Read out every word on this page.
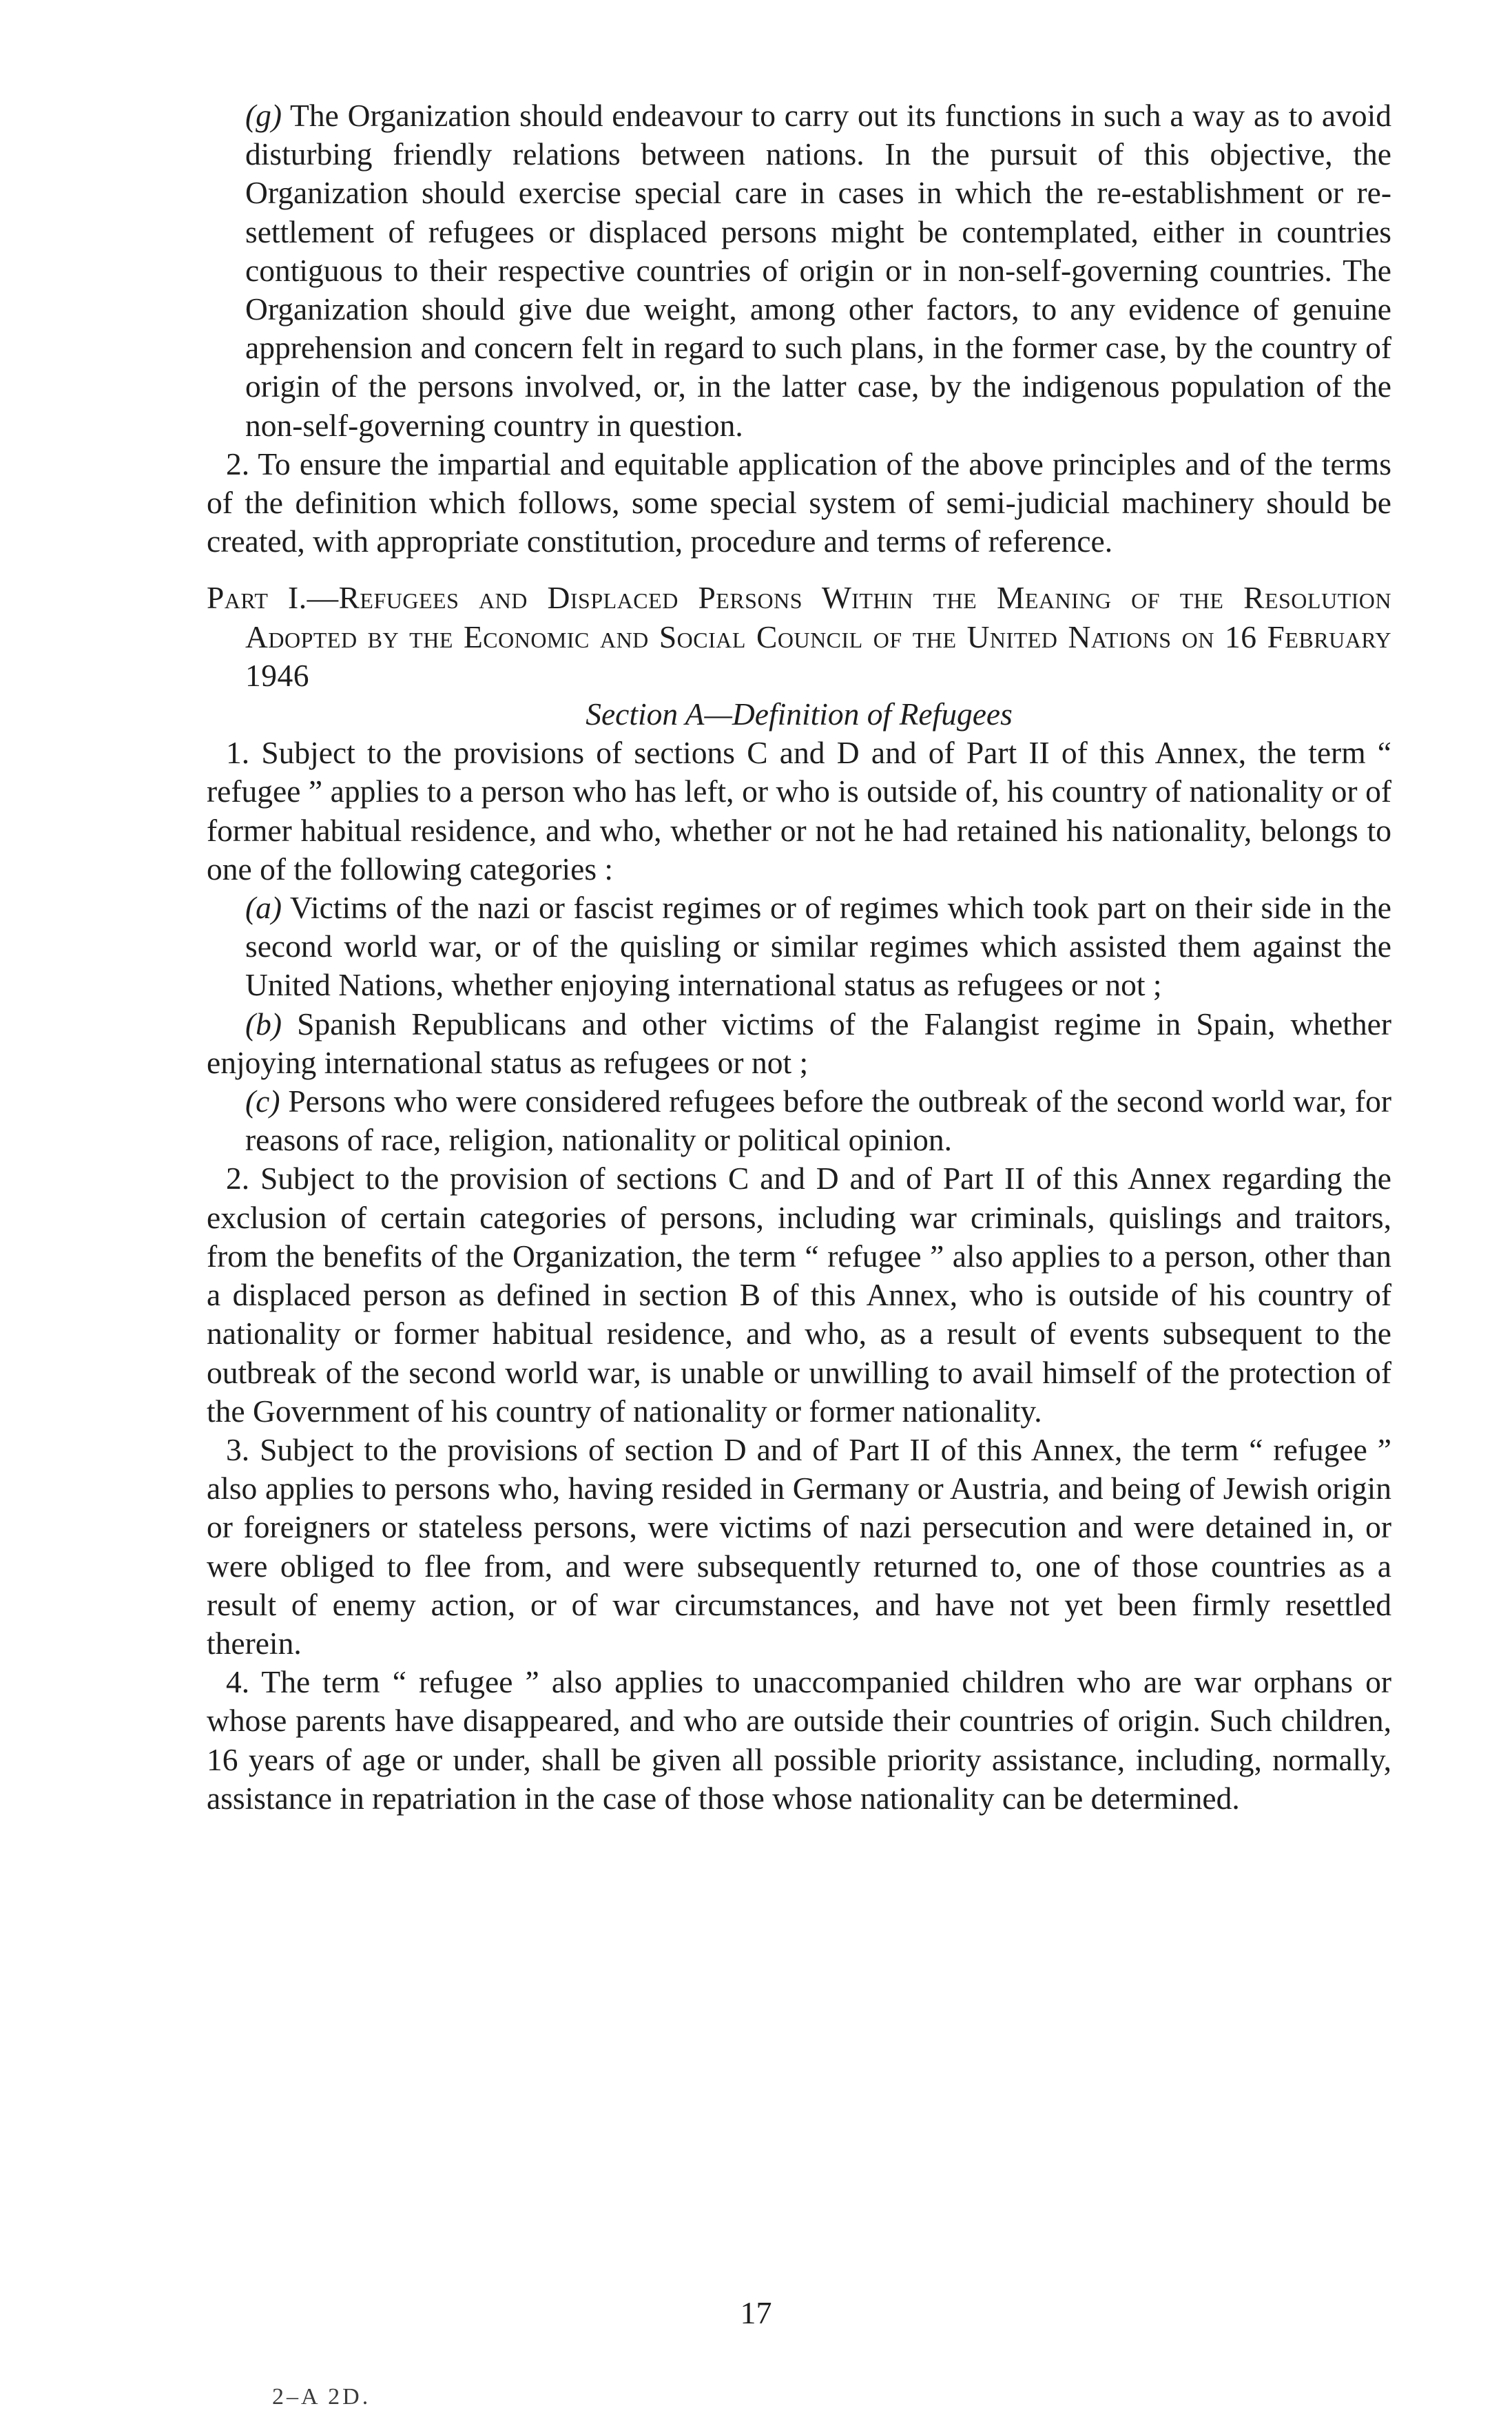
(g) The Organization should endeavour to carry out its functions in such a way as to avoid disturbing friendly relations between nations. In the pursuit of this objective, the Organization should exercise special care in cases in which the re-establishment or re-settlement of refugees or displaced persons might be contemplated, either in countries contiguous to their respective countries of origin or in non-self-governing countries. The Organization should give due weight, among other factors, to any evidence of genuine apprehension and concern felt in regard to such plans, in the former case, by the country of origin of the persons involved, or, in the latter case, by the indigenous population of the non-self-governing country in question.

2. To ensure the impartial and equitable application of the above principles and of the terms of the definition which follows, some special system of semi-judicial machinery should be created, with appropriate constitution, procedure and terms of reference.

Part I.—Refugees and Displaced Persons Within the Meaning of the Resolution Adopted by the Economic and Social Council of the United Nations on 16 February 1946

Section A—Definition of Refugees

1. Subject to the provisions of sections C and D and of Part II of this Annex, the term “ refugee ” applies to a person who has left, or who is outside of, his country of nationality or of former habitual residence, and who, whether or not he had retained his nationality, belongs to one of the following categories :

(a) Victims of the nazi or fascist regimes or of regimes which took part on their side in the second world war, or of the quisling or similar regimes which assisted them against the United Nations, whether enjoying international status as refugees or not ;

(b) Spanish Republicans and other victims of the Falangist regime in Spain, whether enjoying international status as refugees or not ;

(c) Persons who were considered refugees before the outbreak of the second world war, for reasons of race, religion, nationality or political opinion.

2. Subject to the provision of sections C and D and of Part II of this Annex regarding the exclusion of certain categories of persons, including war criminals, quislings and traitors, from the benefits of the Organization, the term “ refugee ” also applies to a person, other than a displaced person as defined in section B of this Annex, who is outside of his country of nationality or former habitual residence, and who, as a result of events subsequent to the outbreak of the second world war, is unable or unwilling to avail himself of the protection of the Government of his country of nationality or former nationality.

3. Subject to the provisions of section D and of Part II of this Annex, the term “ refugee ” also applies to persons who, having resided in Germany or Austria, and being of Jewish origin or foreigners or stateless persons, were victims of nazi persecution and were detained in, or were obliged to flee from, and were subsequently returned to, one of those countries as a result of enemy action, or of war circumstances, and have not yet been firmly resettled therein.

4. The term “ refugee ” also applies to unaccompanied children who are war orphans or whose parents have disappeared, and who are outside their countries of origin. Such children, 16 years of age or under, shall be given all possible priority assistance, including, normally, assistance in repatriation in the case of those whose nationality can be determined.

17
2–A 2D.
